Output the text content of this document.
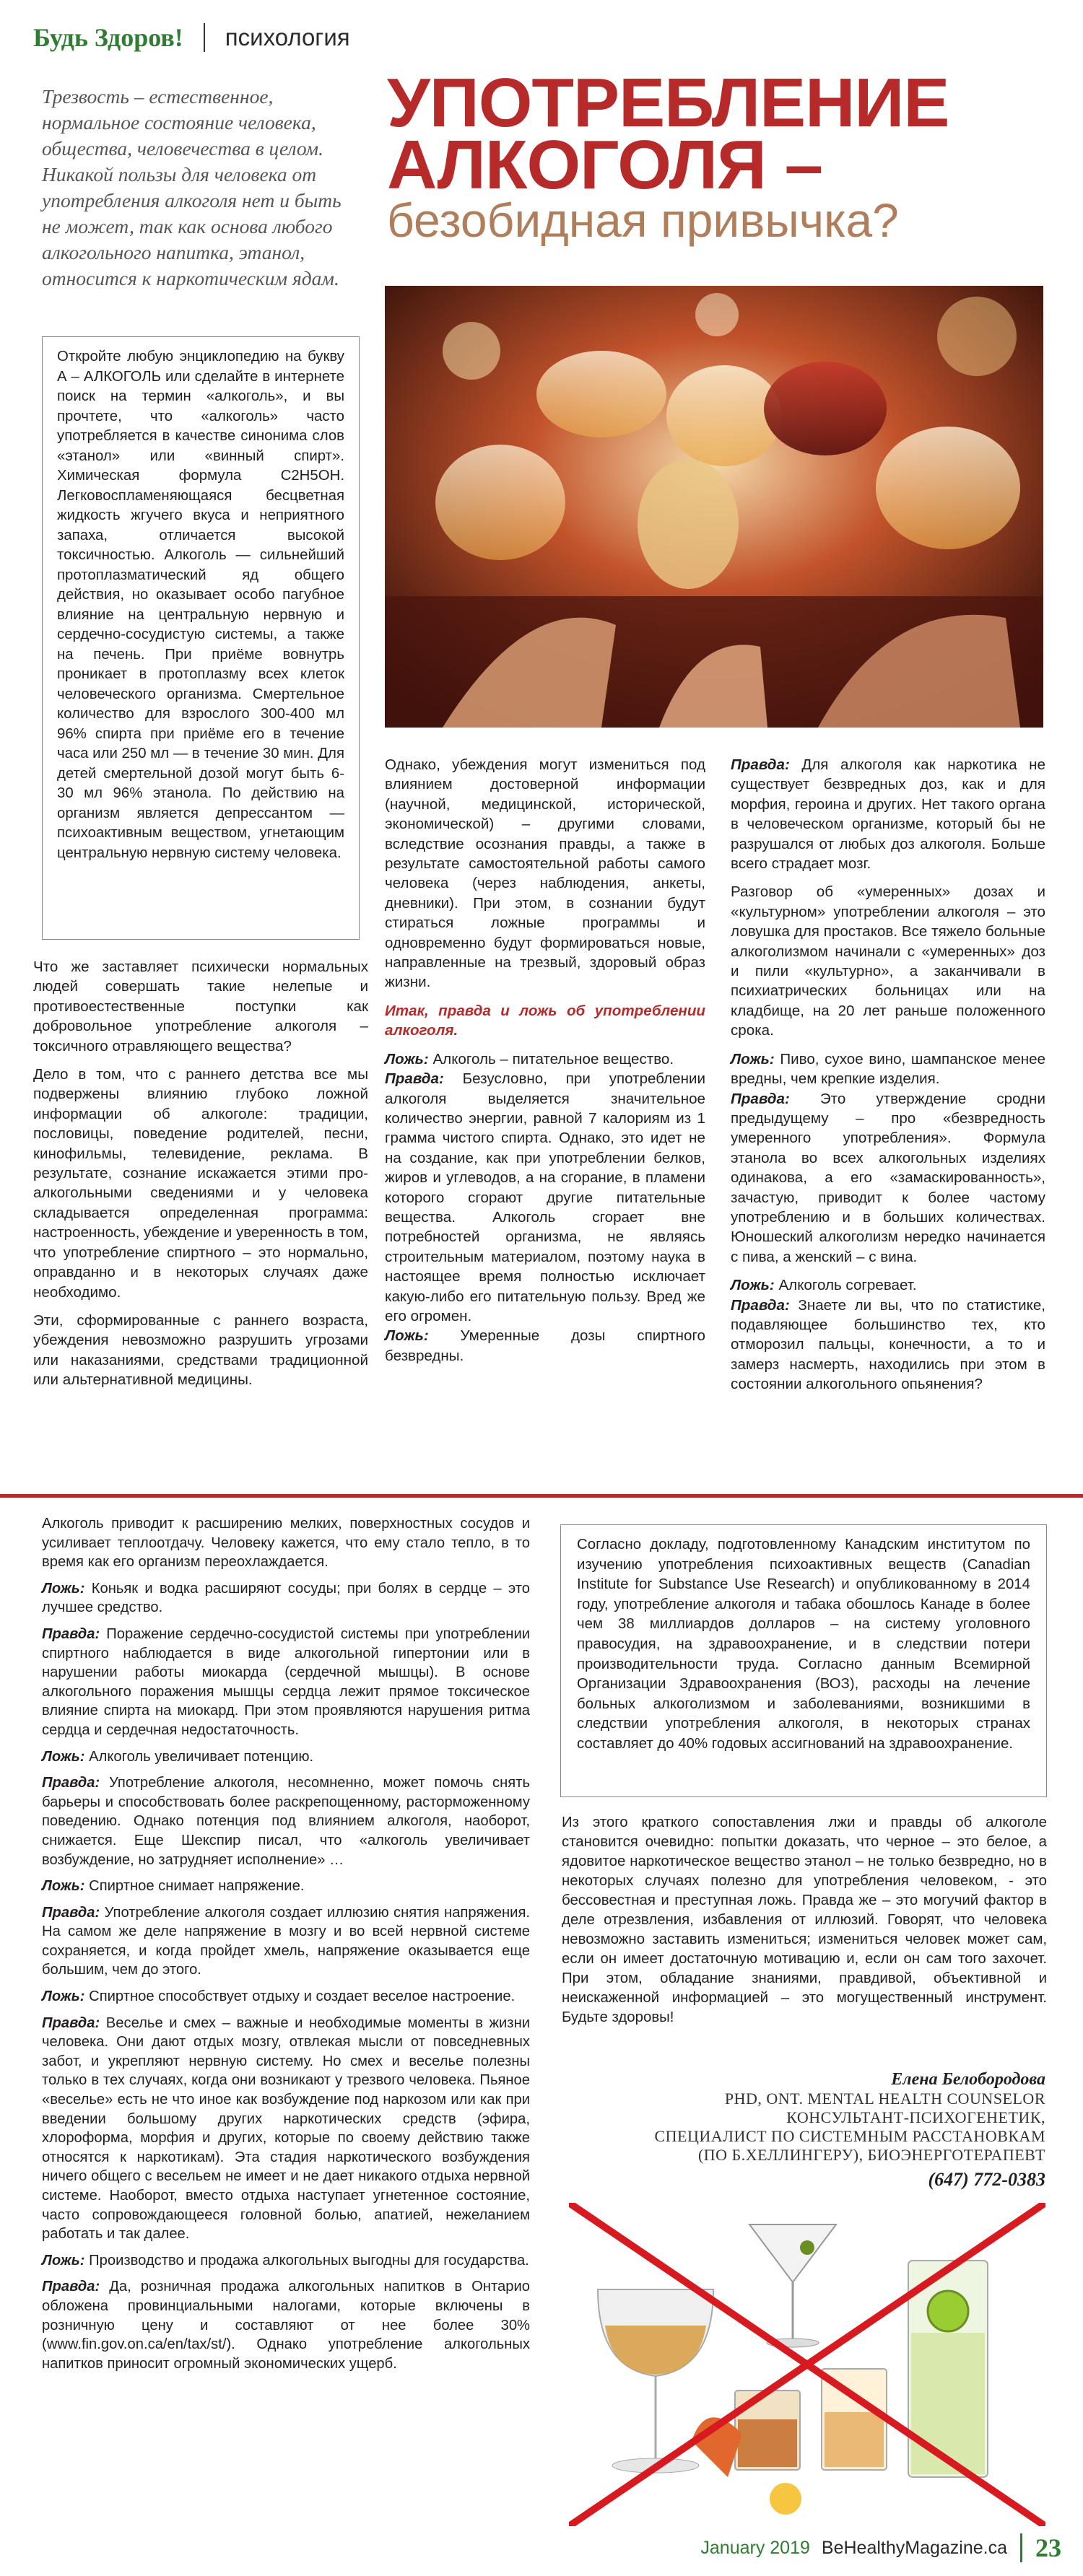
Будь Здоров! психология
Трезвость – естественное, нормальное состояние человека, общества, человечества в целом. Никакой пользы для человека от употребления алкоголя нет и быть не может, так как основа любого алкогольного напитка, этанол, относится к наркотическим ядам.
УПОТРЕБЛЕНИЕ АЛКОГОЛЯ –
безобидная привычка?

Откройте любую энциклопедию на букву А – АЛКОГОЛЬ или сделайте в интернете поиск на термин «алкоголь», и вы прочтете, что «алкоголь» часто употребляется в качестве синонима слов «этанол» или «винный спирт». Химическая формула C2H5OH. Легковоспламеняющаяся бесцветная жидкость жгучего вкуса и неприятного запаха, отличается высокой токсичностью. Алкоголь — сильнейший протоплазматический яд общего действия, но оказывает особо пагубное влияние на центральную нервную и сердечно-сосудистую системы, а также на печень. При приёме вовнутрь проникает в протоплазму всех клеток человеческого организма. Смертельное количество для взрослого 300-400 мл 96% спирта при приёме его в течение часа или 250 мл — в течение 30 мин. Для детей смертельной дозой могут быть 6-30 мл 96% этанола. По действию на организм является депрессантом — психоактивным веществом, угнетающим центральную нервную систему человека.

Что же заставляет психически нормальных людей совершать такие нелепые и противоестественные поступки как добровольное употребление алкоголя – токсичного отравляющего вещества?

Дело в том, что с раннего детства все мы подвержены влиянию глубоко ложной информации об алкоголе: традиции, пословицы, поведение родителей, песни, кинофильмы, телевидение, реклама. В результате, сознание искажается этими про-алкогольными сведениями и у человека складывается определенная программа: настроенность, убеждение и уверенность в том, что употребление спиртного – это нормально, оправданно и в некоторых случаях даже необходимо.

Эти, сформированные с раннего возраста, убеждения невозможно разрушить угрозами или наказаниями, средствами традиционной или альтернативной медицины.

Однако, убеждения могут измениться под влиянием достоверной информации (научной, медицинской, исторической, экономической) – другими словами, вследствие осознания правды, а также в результате самостоятельной работы самого человека (через наблюдения, анкеты, дневники). При этом, в сознании будут стираться ложные программы и одновременно будут формироваться новые, направленные на трезвый, здоровый образ жизни.

Итак, правда и ложь об употреблении алкоголя.

Ложь: Алкоголь – питательное вещество.

Правда: Безусловно, при употреблении алкоголя выделяется значительное количество энергии, равной 7 калориям из 1 грамма чистого спирта. Однако, это идет не на создание, как при употреблении белков, жиров и углеводов, а на сгорание, в пламени которого сгорают другие питательные вещества. Алкоголь сгорает вне потребностей организма, не являясь строительным материалом, поэтому наука в настоящее время полностью исключает какую-либо его питательную пользу. Вред же его огромен.

Ложь: Умеренные дозы спиртного безвредны.

Правда: Для алкоголя как наркотика не существует безвредных доз, как и для морфия, героина и других. Нет такого органа в человеческом организме, который бы не разрушался от любых доз алкоголя. Больше всего страдает мозг.

Разговор об «умеренных» дозах и «культурном» употреблении алкоголя – это ловушка для простаков. Все тяжело больные алкоголизмом начинали с «умеренных» доз и пили «культурно», а заканчивали в психиатрических больницах или на кладбище, на 20 лет раньше положенного срока.

Ложь: Пиво, сухое вино, шампанское менее вредны, чем крепкие изделия.

Правда: Это утверждение сродни предыдущему – про «безвредность умеренного употребления». Формула этанола во всех алкогольных изделиях одинакова, а его «замаскированность», зачастую, приводит к более частому употреблению и в больших количествах. Юношеский алкоголизм нередко начинается с пива, а женский – с вина.

Ложь: Алкоголь согревает.

Правда: Знаете ли вы, что по статистике, подавляющее большинство тех, кто отморозил пальцы, конечности, а то и замерз насмерть, находились при этом в состоянии алкогольного опьянения?

Алкоголь приводит к расширению мелких, поверхностных сосудов и усиливает теплоотдачу. Человеку кажется, что ему стало тепло, в то время как его организм переохлаждается.

Ложь: Коньяк и водка расширяют сосуды; при болях в сердце – это лучшее средство.

Правда: Поражение сердечно-сосудистой системы при употреблении спиртного наблюдается в виде алкогольной гипертонии или в нарушении работы миокарда (сердечной мышцы). В основе алкогольного поражения мышцы сердца лежит прямое токсическое влияние спирта на миокард. При этом проявляются нарушения ритма сердца и сердечная недостаточность.

Ложь: Алкоголь увеличивает потенцию.

Правда: Употребление алкоголя, несомненно, может помочь снять барьеры и способствовать более раскрепощенному, расторможенному поведению. Однако потенция под влиянием алкоголя, наоборот, снижается. Еще Шекспир писал, что «алкоголь увеличивает возбуждение, но затрудняет исполнение» …

Ложь: Спиртное снимает напряжение.

Правда: Употребление алкоголя создает иллюзию снятия напряжения. На самом же деле напряжение в мозгу и во всей нервной системе сохраняется, и когда пройдет хмель, напряжение оказывается еще большим, чем до этого.

Ложь: Спиртное способствует отдыху и создает веселое настроение.

Правда: Веселье и смех – важные и необходимые моменты в жизни человека. Они дают отдых мозгу, отвлекая мысли от повседневных забот, и укрепляют нервную систему. Но смех и веселье полезны только в тех случаях, когда они возникают у трезвого человека. Пьяное «веселье» есть не что иное как возбуждение под наркозом или как при введении большому других наркотических средств (эфира, хлороформа, морфия и других, которые по своему действию также относятся к наркотикам). Эта стадия наркотического возбуждения ничего общего с весельем не имеет и не дает никакого отдыха нервной системе. Наоборот, вместо отдыха наступает угнетенное состояние, часто сопровождающееся головной болью, апатией, нежеланием работать и так далее.

Ложь: Производство и продажа алкогольных выгодны для государства.

Правда: Да, розничная продажа алкогольных напитков в Онтарио обложена провинциальными налогами, которые включены в розничную цену и составляют от нее более 30% (www.fin.gov.on.ca/en/tax/st/). Однако употребление алкогольных напитков приносит огромный экономических ущерб.

Согласно докладу, подготовленному Канадским институтом по изучению употребления психоактивных веществ (Canadian Institute for Substance Use Research) и опубликованному в 2014 году, употребление алкоголя и табака обошлось Канаде в более чем 38 миллиардов долларов – на систему уголовного правосудия, на здравоохранение, и в следствии потери производительности труда. Согласно данным Всемирной Организации Здравоохранения (ВОЗ), расходы на лечение больных алкоголизмом и заболеваниями, возникшими в следствии употребления алкоголя, в некоторых странах составляет до 40% годовых ассигнований на здравоохранение.

Из этого краткого сопоставления лжи и правды об алкоголе становится очевидно: попытки доказать, что черное – это белое, а ядовитое наркотическое вещество этанол – не только безвредно, но в некоторых случаях полезно для употребления человеком, - это бессовестная и преступная ложь. Правда же – это могучий фактор в деле отрезвления, избавления от иллюзий. Говорят, что человека невозможно заставить измениться; измениться человек может сам, если он имеет достаточную мотивацию и, если он сам того захочет. При этом, обладание знаниями, правдивой, объективной и неискаженной информацией – это могущественный инструмент. Будьте здоровы!

Елена Белобородова
PHD, ONT. MENTAL HEALTH COUNSELOR
КОНСУЛЬТАНТ-ПСИХОГЕНЕТИК,
СПЕЦИАЛИСТ ПО СИСТЕМНЫМ РАССТАНОВКАМ
(ПО Б.ХЕЛЛИНГЕРУ), БИОЭНЕРГОТЕРАПЕВТ
(647) 772-0383
January 2019 BeHealthyMagazine.ca 23
